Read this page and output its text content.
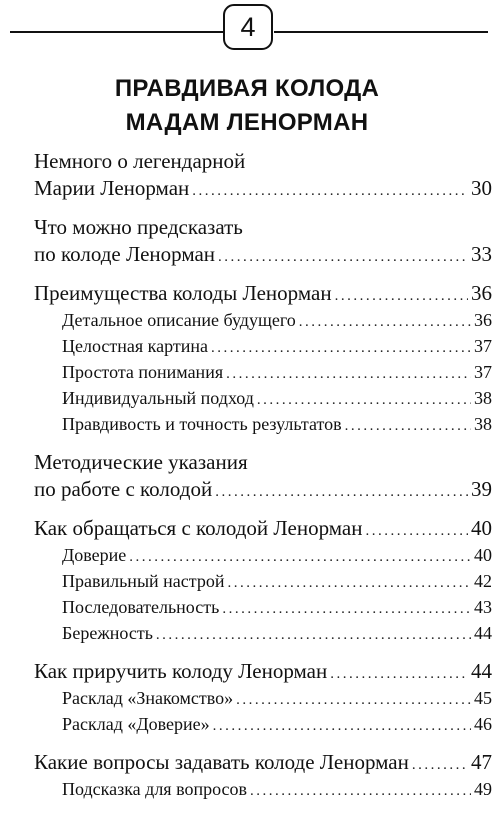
4
ПРАВДИВАЯ КОЛОДА
МАДАМ ЛЕНОРМАН
Немного о легендарной
Марии Ленорман .....	30
Что можно предсказать
по колоде Ленорман .....	33
Преимущества колоды Ленорман .....	36
Детальное описание будущего .....	36
Целостная картина .....	37
Простота понимания .....	37
Индивидуальный подход .....	38
Правдивость и точность результатов .....	38
Методические указания
по работе с колодой .....	39
Как обращаться с колодой Ленорман .....	40
Доверие .....	40
Правильный настрой .....	42
Последовательность .....	43
Бережность .....	44
Как приручить колоду Ленорман .....	44
Расклад «Знакомство» .....	45
Расклад «Доверие» .....	46
Какие вопросы задавать колоде Ленорман .....	47
Подсказка для вопросов .....	49
